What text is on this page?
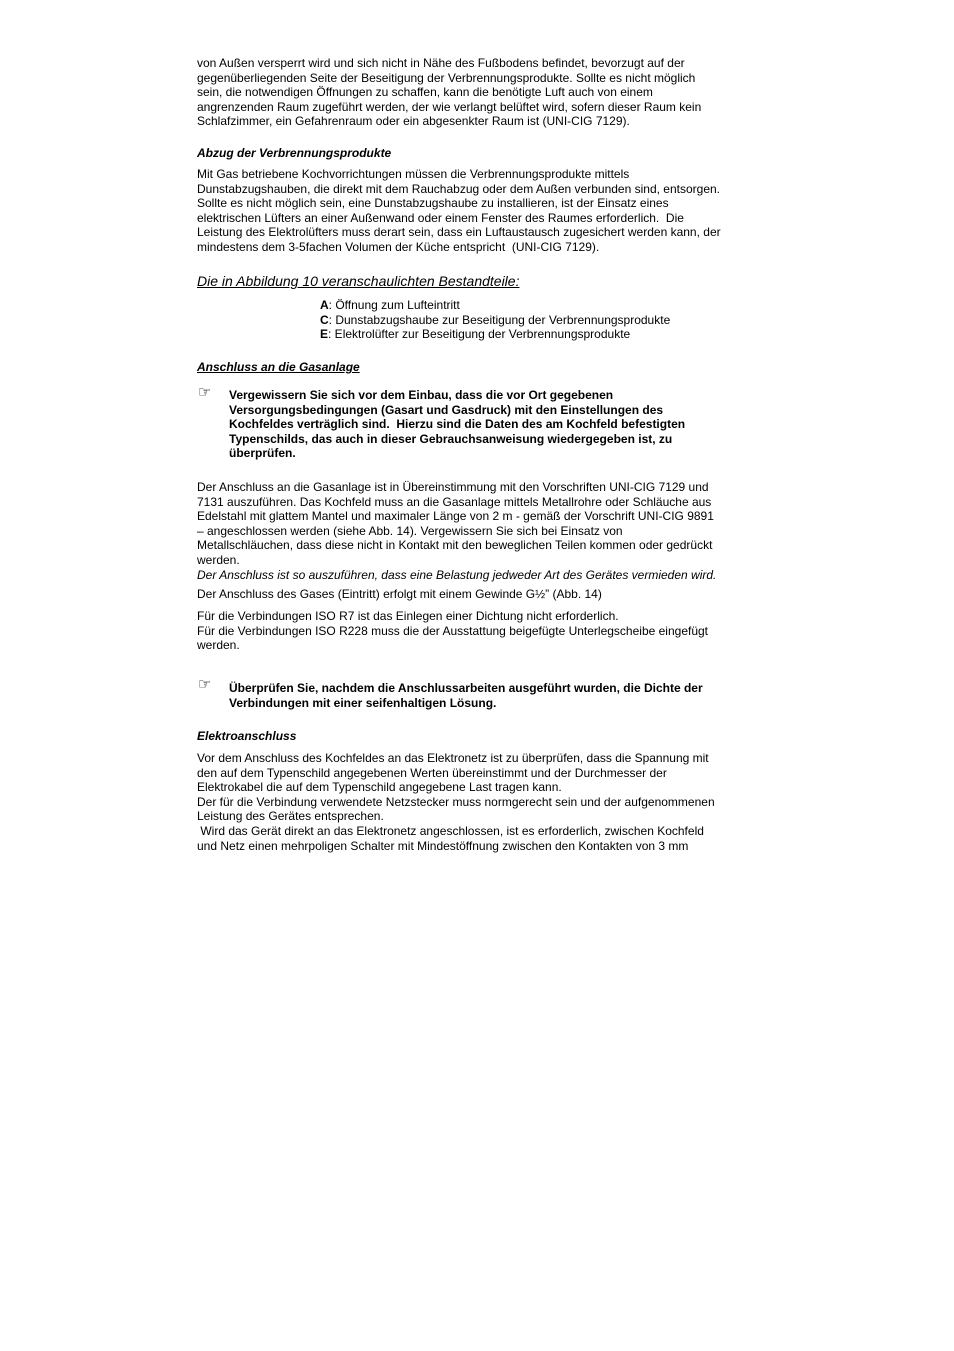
von Außen versperrt wird und sich nicht in Nähe des Fußbodens befindet, bevorzugt auf der
gegenüberliegenden Seite der Beseitigung der Verbrennungsprodukte. Sollte es nicht möglich
sein, die notwendigen Öffnungen zu schaffen, kann die benötigte Luft auch von einem
angrenzenden Raum zugeführt werden, der wie verlangt belüftet wird, sofern dieser Raum kein
Schlafzimmer, ein Gefahrenraum oder ein abgesenkter Raum ist (UNI-CIG 7129).
Abzug der Verbrennungsprodukte
Mit Gas betriebene Kochvorrichtungen müssen die Verbrennungsprodukte mittels
Dunstabzugshauben, die direkt mit dem Rauchabzug oder dem Außen verbunden sind, entsorgen.
Sollte es nicht möglich sein, eine Dunstabzugshaube zu installieren, ist der Einsatz eines
elektrischen Lüfters an einer Außenwand oder einem Fenster des Raumes erforderlich.  Die
Leistung des Elektrolüfters muss derart sein, dass ein Luftaustausch zugesichert werden kann, der
mindestens dem 3-5fachen Volumen der Küche entspricht  (UNI-CIG 7129).
Die in Abbildung 10 veranschaulichten Bestandteile:
A: Öffnung zum Lufteintritt
C: Dunstabzugshaube zur Beseitigung der Verbrennungsprodukte
E: Elektrolüfter zur Beseitigung der Verbrennungsprodukte
Anschluss an die Gasanlage
☞ Vergewissern Sie sich vor dem Einbau, dass die vor Ort gegebenen
Versorgungsbedingungen (Gasart und Gasdruck) mit den Einstellungen des
Kochfeldes verträglich sind.  Hierzu sind die Daten des am Kochfeld befestigten
Typenschilds, das auch in dieser Gebrauchsanweisung wiedergegeben ist, zu
überprüfen.
Der Anschluss an die Gasanlage ist in Übereinstimmung mit den Vorschriften UNI-CIG 7129 und
7131 auszuführen. Das Kochfeld muss an die Gasanlage mittels Metallrohre oder Schläuche aus
Edelstahl mit glattem Mantel und maximaler Länge von 2 m - gemäß der Vorschrift UNI-CIG 9891
– angeschlossen werden (siehe Abb. 14). Vergewissern Sie sich bei Einsatz von
Metallschläuchen, dass diese nicht in Kontakt mit den beweglichen Teilen kommen oder gedrückt
werden.
Der Anschluss ist so auszuführen, dass eine Belastung jedweder Art des Gerätes vermieden wird.
Der Anschluss des Gases (Eintritt) erfolgt mit einem Gewinde G½” (Abb. 14)
Für die Verbindungen ISO R7 ist das Einlegen einer Dichtung nicht erforderlich.
Für die Verbindungen ISO R228 muss die der Ausstattung beigefügte Unterlegscheibe eingefügt
werden.
☞ Überprüfen Sie, nachdem die Anschlussarbeiten ausgeführt wurden, die Dichte der
Verbindungen mit einer seifenhaltigen Lösung.
Elektroanschluss
Vor dem Anschluss des Kochfeldes an das Elektronetz ist zu überprüfen, dass die Spannung mit
den auf dem Typenschild angegebenen Werten übereinstimmt und der Durchmesser der
Elektrokabel die auf dem Typenschild angegebene Last tragen kann.
Der für die Verbindung verwendete Netzstecker muss normgerecht sein und der aufgenommenen
Leistung des Gerätes entsprechen.
Wird das Gerät direkt an das Elektronetz angeschlossen, ist es erforderlich, zwischen Kochfeld
und Netz einen mehrpoligen Schalter mit Mindestöffnung zwischen den Kontakten von 3 mm
